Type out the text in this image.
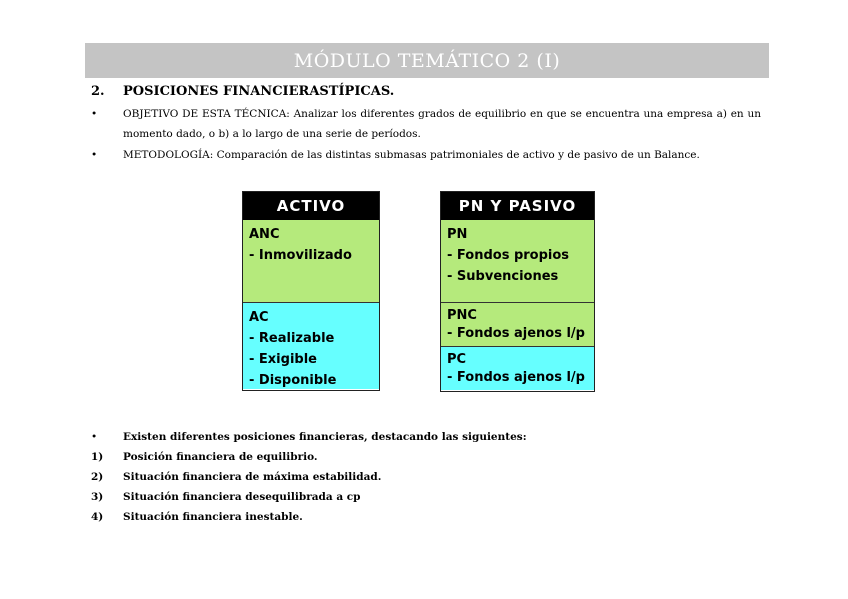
MÓDULO TEMÁTICO 2 (I)
2.	POSICIONES FINANCIERASTÍPICAS.
•	OBJETIVO DE ESTA TÉCNICA: Analizar los diferentes grados de equilibrio en que se encuentra una empresa a) en un
momento dado, o b) a lo largo de una serie de períodos.
•	METODOLOGÍA: Comparación de las distintas submasas patrimoniales de activo y de pasivo de un Balance.
ACTIVO
ANC
- Inmovilizado
AC
- Realizable
- Exigible
- Disponible
PN Y PASIVO
PN
- Fondos propios
- Subvenciones
PNC
- Fondos ajenos l/p
PC
- Fondos ajenos l/p
•	Existen diferentes posiciones financieras, destacando las siguientes:
1)	Posición financiera de equilibrio.
2)	Situación financiera de máxima estabilidad.
3)	Situación financiera desequilibrada a cp
4)	Situación financiera inestable.
